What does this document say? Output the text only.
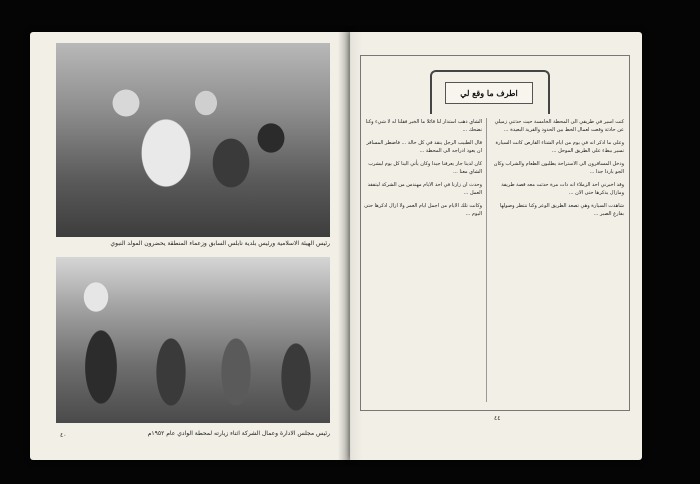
رئيس الهيئة الاسلامية ورئيس بلدية نابلس السابق وزعماء المنطقة يحضرون المولد النبوي
رئيس مجلس الادارة وعمال الشركة اثناء زيارته لمحطة الوادي عام ١٩٥٢م
٤٠
اطرف ما وقع لي

كنت اسير في طريقي الى المحطة الخامسة حيث حدثني زميلي عن حادثة وقعت لعمال الخط بين الحدود والقرية البعيدة ...

وعلى ما اذكر انه في يوم من ايام الشتاء القارص كانت السيارة تسير ببطء على الطريق الموحل ...

ودخل المسافرون الى الاستراحة يطلبون الطعام والشراب وكان الجو باردا جدا ...

وقد اخبرني احد الزملاء انه ذات مرة حدثت معه قصة طريفة ومازال يذكرها حتى الان ...

شاهدت السيارة وهي تصعد الطريق الوعر وكنا ننتظر وصولها بفارغ الصبر ...

الشاي ذهب استدار لنا قائلا ما الخبر فقلنا له لا شيء وكنا نضحك ...

قال الطبيب الرجل ينقذ في كل حالة ... فاضطر المسافر ان يعود ادراجه الى المحطة ...

كان لدينا جار يعرفنا جيدا وكان يأتي الينا كل يوم ليشرب الشاي معنا ...

وحدث ان زارنا في احد الايام مهندس من الشركة ليتفقد العمل ...

وكانت تلك الايام من اجمل ايام العمر ولا ازال اذكرها حتى اليوم ...

٤٤
